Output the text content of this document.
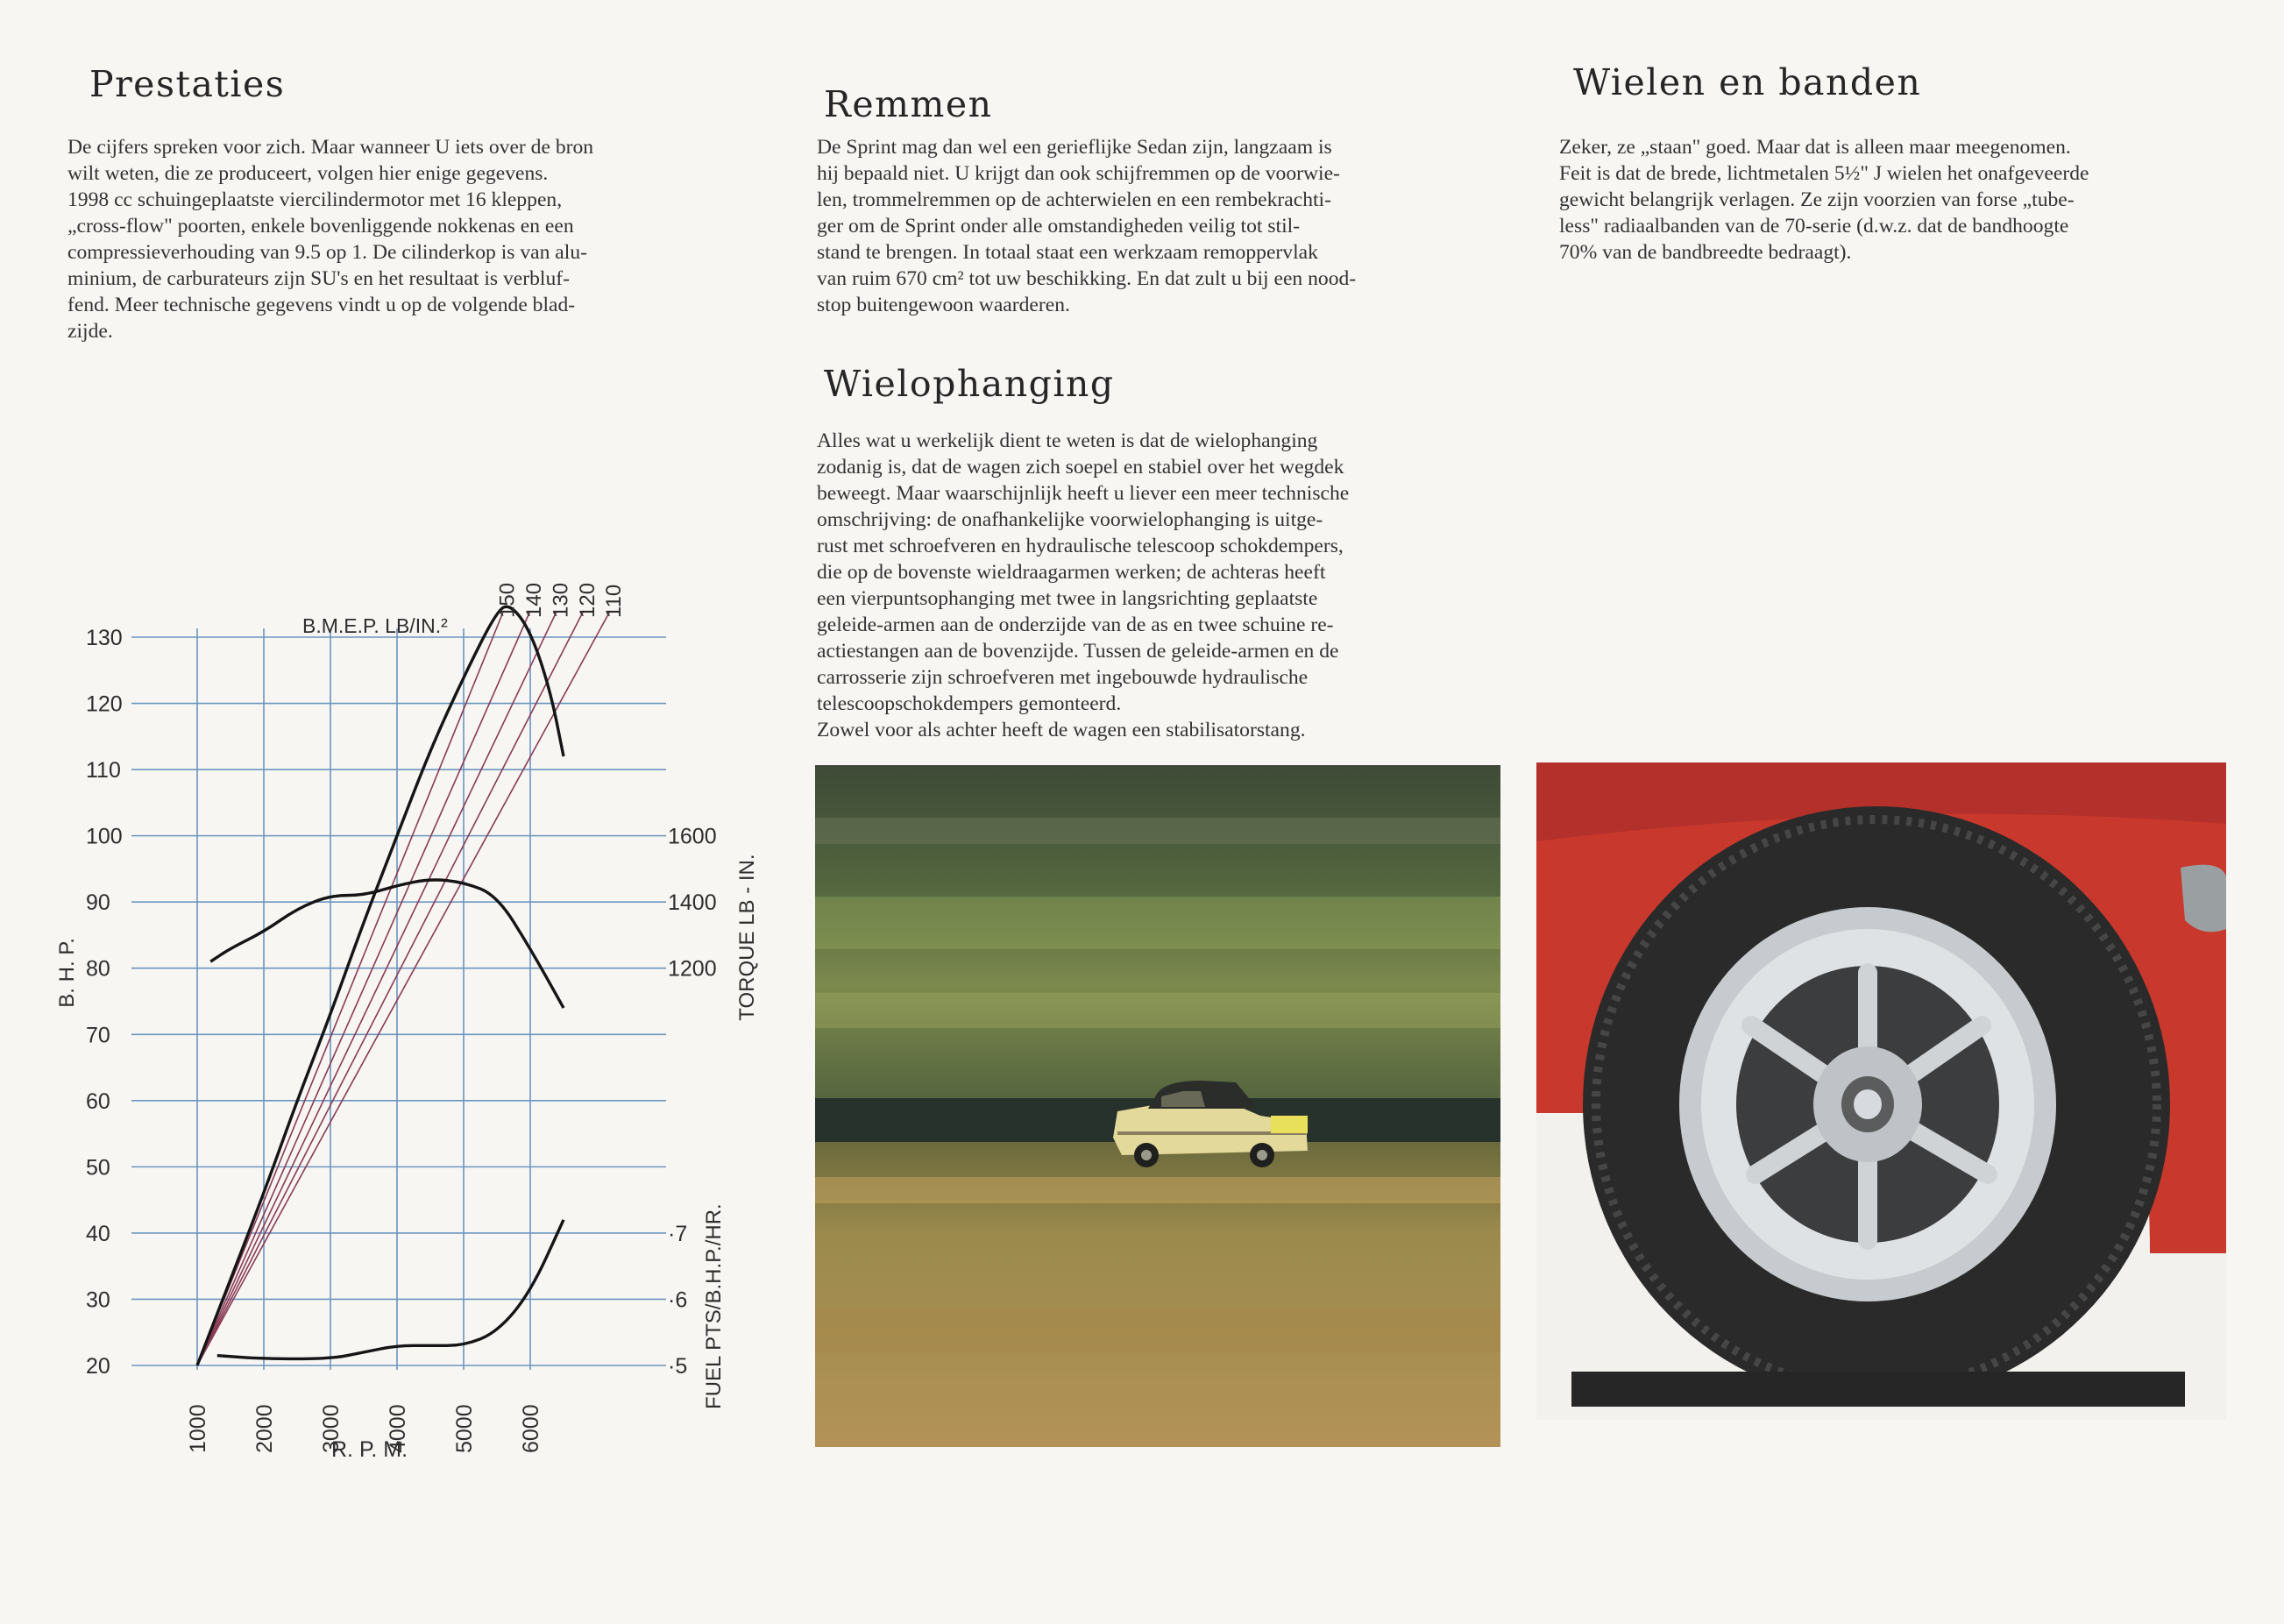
Prestaties

De cijfers spreken voor zich. Maar wanneer U iets over de bron
wilt weten, die ze produceert, volgen hier enige gegevens.
1998 cc schuingeplaatste viercilindermotor met 16 kleppen,
„cross-flow" poorten, enkele bovenliggende nokkenas en een
compressieverhouding van 9.5 op 1. De cilinderkop is van alu-
minium, de carburateurs zijn SU's en het resultaat is verbluf-
fend. Meer technische gegevens vindt u op de volgende blad-
zijde.

130
120
110
100
90
80
70
60
50
40
30
20
1000 2000 3000 4000 5000 6000
150 140 130 120 110
B.M.E.P. LB/IN.²
1600
1400
1200 TORQUE LB - IN.
·7
·6
·5 FUEL PTS/B.H.P./HR.
B. H. P.
R. P. M.
Remmen

De Sprint mag dan wel een gerieflijke Sedan zijn, langzaam is
hij bepaald niet. U krijgt dan ook schijfremmen op de voorwie-
len, trommelremmen op de achterwielen en een rembekrachti-
ger om de Sprint onder alle omstandigheden veilig tot stil-
stand te brengen. In totaal staat een werkzaam remoppervlak
van ruim 670 cm² tot uw beschikking. En dat zult u bij een nood-
stop buitengewoon waarderen.

Wielophanging

Alles wat u werkelijk dient te weten is dat de wielophanging
zodanig is, dat de wagen zich soepel en stabiel over het wegdek
beweegt. Maar waarschijnlijk heeft u liever een meer technische
omschrijving: de onafhankelijke voorwielophanging is uitge-
rust met schroefveren en hydraulische telescoop schokdempers,
die op de bovenste wieldraagarmen werken; de achteras heeft
een vierpuntsophanging met twee in langsrichting geplaatste
geleide-armen aan de onderzijde van de as en twee schuine re-
actiestangen aan de bovenzijde. Tussen de geleide-armen en de
carrosserie zijn schroefveren met ingebouwde hydraulische
telescoopschokdempers gemonteerd.
Zowel voor als achter heeft de wagen een stabilisatorstang.

Wielen en banden

Zeker, ze „staan" goed. Maar dat is alleen maar meegenomen.
Feit is dat de brede, lichtmetalen 5½" J wielen het onafgeveerde
gewicht belangrijk verlagen. Ze zijn voorzien van forse „tube-
less" radiaalbanden van de 70-serie (d.w.z. dat de bandhoogte
70% van de bandbreedte bedraagt).
